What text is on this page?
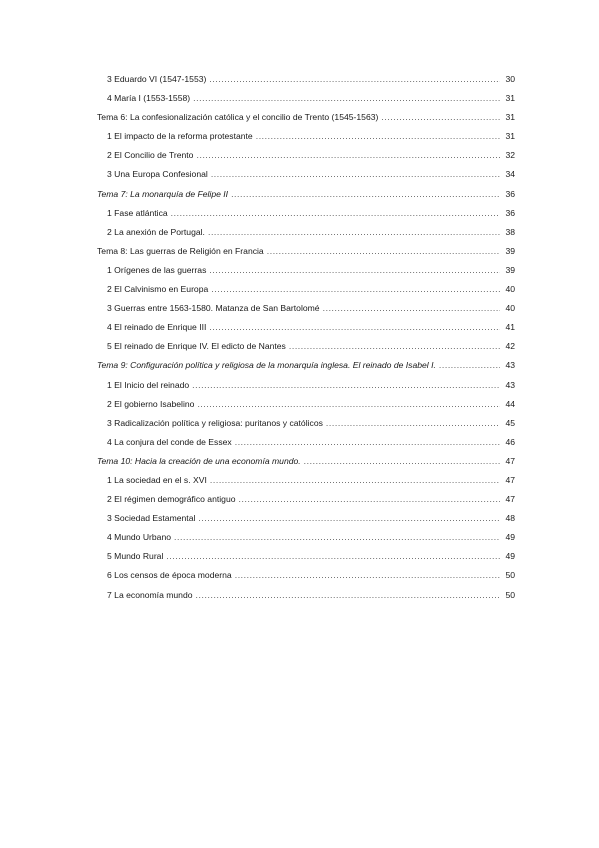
3 Eduardo VI (1547-1553) .....	30
4 María I (1553-1558) .....	31
Tema 6: La confesionalización católica y el concilio de Trento (1545-1563) .....	31
1 El impacto de la reforma protestante .....	31
2 El Concilio de Trento .....	32
3 Una Europa Confesional .....	34
Tema 7: La monarquía de Felipe II .....	36
1 Fase atlántica .....	36
2 La anexión de Portugal. .....	38
Tema 8: Las guerras de Religión en Francia .....	39
1 Orígenes de las guerras .....	39
2 El Calvinismo en Europa .....	40
3 Guerras entre 1563-1580. Matanza de San Bartolomé .....	40
4 El reinado de Enrique III .....	41
5 El reinado de Enrique IV. El edicto de Nantes .....	42
Tema 9: Configuración política y religiosa de la monarquía inglesa. El reinado de Isabel I. .....	43
1 El Inicio del reinado .....	43
2 El gobierno Isabelino .....	44
3 Radicalización política y religiosa: puritanos y católicos .....	45
4 La conjura del conde de Essex .....	46
Tema 10: Hacia la creación de una economía mundo. .....	47
1 La sociedad en el s. XVI .....	47
2 El régimen demográfico antiguo .....	47
3 Sociedad Estamental .....	48
4 Mundo Urbano .....	49
5 Mundo Rural .....	49
6 Los censos de época moderna .....	50
7 La economía mundo .....	50
